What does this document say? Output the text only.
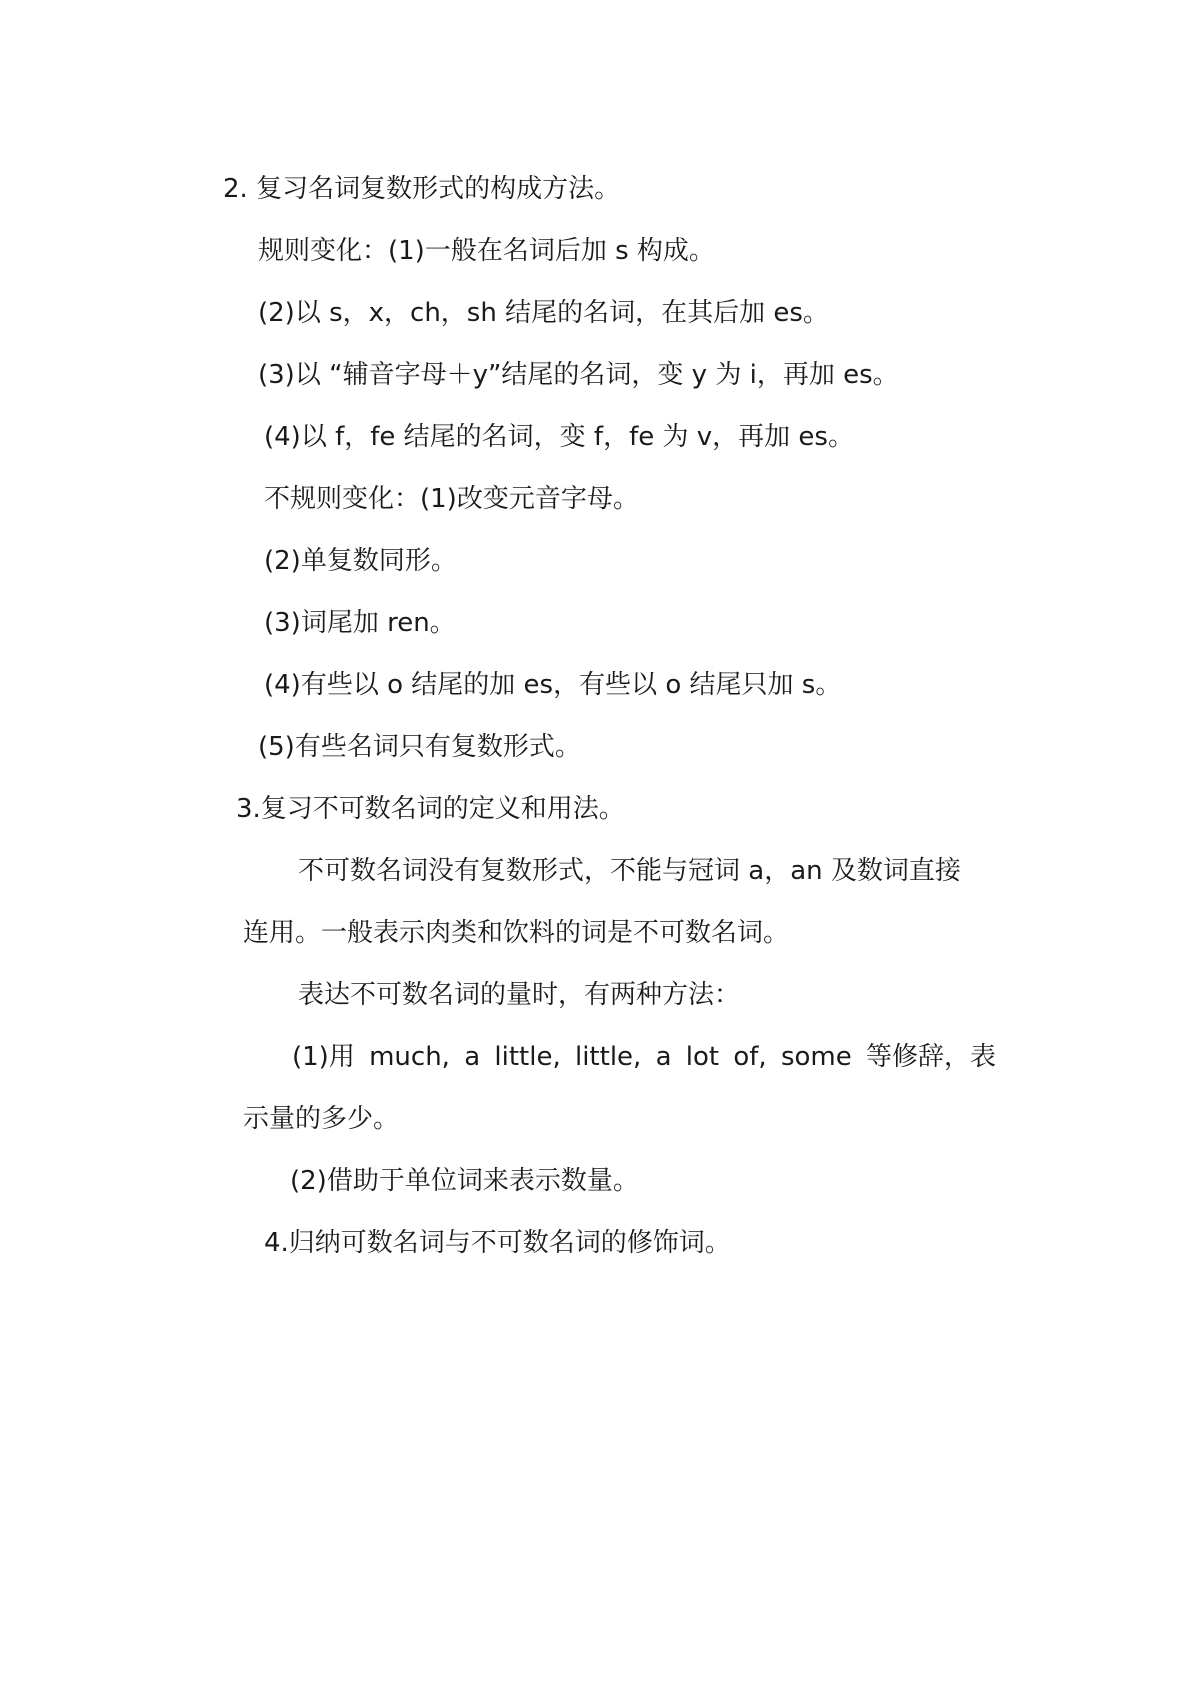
2. 复习名词复数形式的构成方法。

规则变化：(1)一般在名词后加 s 构成。

(2)以 s，x，ch，sh 结尾的名词，在其后加 es。

(3)以 “辅音字母＋y”结尾的名词，变 y 为 i，再加 es。

(4)以 f，fe 结尾的名词，变 f，fe 为 v，再加 es。

不规则变化：(1)改变元音字母。

(2)单复数同形。

(3)词尾加 ren。

(4)有些以 o 结尾的加 es，有些以 o 结尾只加 s。

(5)有些名词只有复数形式。

3.复习不可数名词的定义和用法。

不可数名词没有复数形式，不能与冠词 a，an 及数词直接

连用。一般表示肉类和饮料的词是不可数名词。

表达不可数名词的量时，有两种方法：

(1)用 much, a little, little, a lot of, some 等修辞，表

示量的多少。

(2)借助于单位词来表示数量。

4.归纳可数名词与不可数名词的修饰词。
